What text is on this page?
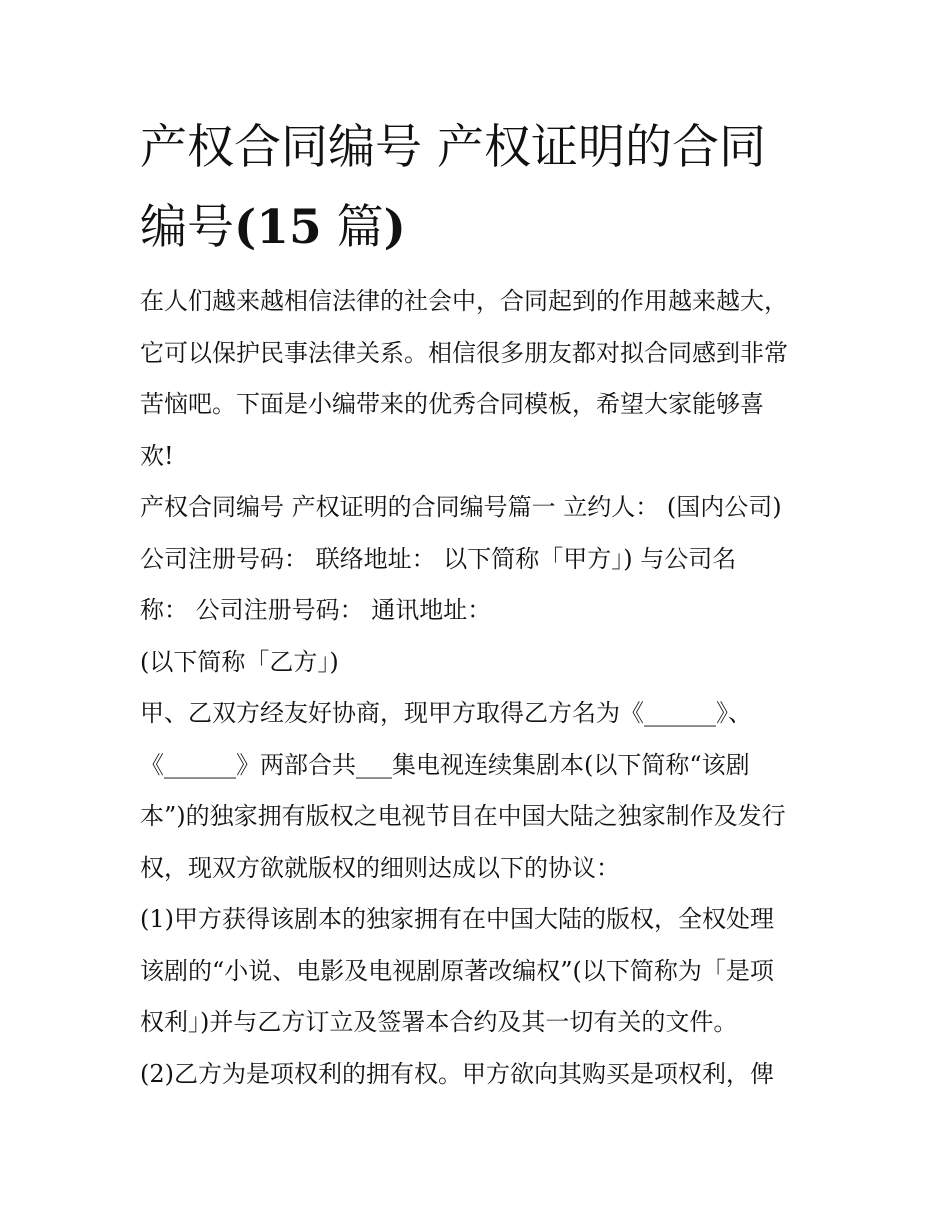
产权合同编号 产权证明的合同
编号(15 篇)
在人们越来越相信法律的社会中，合同起到的作用越来越大，
它可以保护民事法律关系。相信很多朋友都对拟合同感到非常
苦恼吧。下面是小编带来的优秀合同模板，希望大家能够喜
欢!
产权合同编号 产权证明的合同编号篇一 立约人： (国内公司)
公司注册号码： 联络地址： 以下简称「甲方」) 与公司名
称： 公司注册号码： 通讯地址：
(以下简称「乙方」)
甲、乙双方经友好协商，现甲方取得乙方名为《______》、
《______》两部合共___集电视连续集剧本(以下简称“该剧
本”)的独家拥有版权之电视节目在中国大陆之独家制作及发行
权，现双方欲就版权的细则达成以下的协议：
(1)甲方获得该剧本的独家拥有在中国大陆的版权，全权处理
该剧的“小说、电影及电视剧原著改编权”(以下简称为「是项
权利」)并与乙方订立及签署本合约及其一切有关的文件。
(2)乙方为是项权利的拥有权。甲方欲向其购买是项权利，俾
